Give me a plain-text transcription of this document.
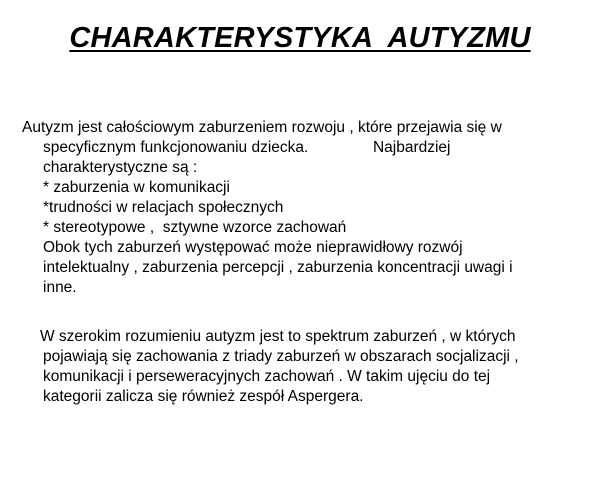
CHARAKTERYSTYKA  AUTYZMU
Autyzm jest całościowym zaburzeniem rozwoju , które przejawia się w
specyficznym funkcjonowaniu dziecka.               Najbardziej
charakterystyczne są :
* zaburzenia w komunikacji
*trudności w relacjach społecznych
* stereotypowe ,  sztywne wzorce zachowań
Obok tych zaburzeń występować może nieprawidłowy rozwój
intelektualny , zaburzenia percepcji , zaburzenia koncentracji uwagi i
inne.
W szerokim rozumieniu autyzm jest to spektrum zaburzeń , w których
pojawiają się zachowania z triady zaburzeń w obszarach socjalizacji ,
komunikacji i perseweracyjnych zachowań . W takim ujęciu do tej
kategorii zalicza się również zespół Aspergera.
